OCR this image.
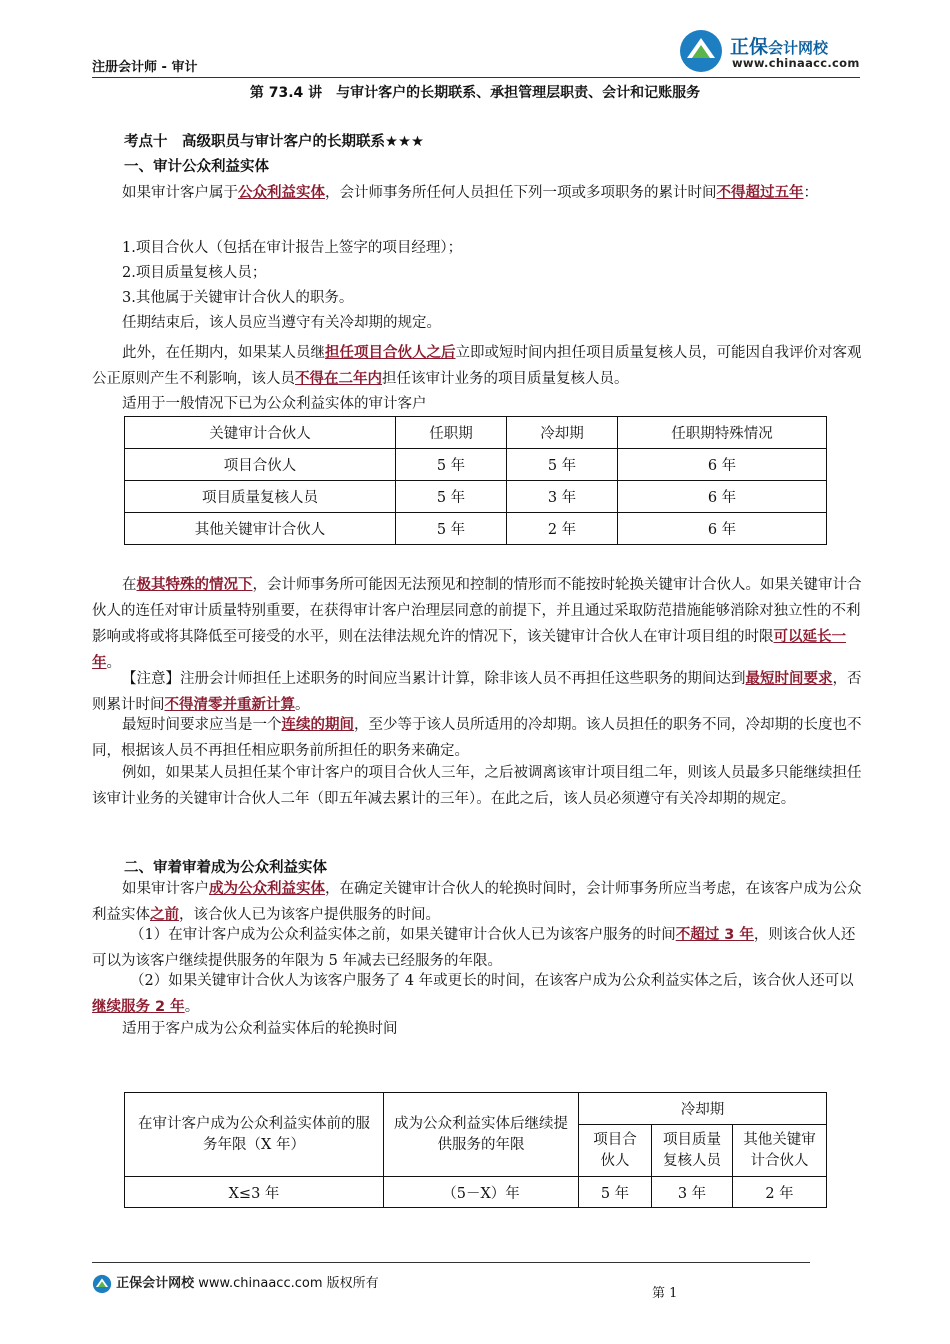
注册会计师 - 审计
正保会计网校
www.chinaacc.com
第 73.4 讲　与审计客户的长期联系、承担管理层职责、会计和记账服务
考点十　高级职员与审计客户的长期联系★★★
一、审计公众利益实体
如果审计客户属于公众利益实体，会计师事务所任何人员担任下列一项或多项职务的累计时间不得超过五年：
1.项目合伙人（包括在审计报告上签字的项目经理）；
2.项目质量复核人员；
3.其他属于关键审计合伙人的职务。
任期结束后，该人员应当遵守有关冷却期的规定。
此外，在任期内，如果某人员继担任项目合伙人之后立即或短时间内担任项目质量复核人员，可能因自我评价对客观公正原则产生不利影响，该人员不得在二年内担任该审计业务的项目质量复核人员。
适用于一般情况下已为公众利益实体的审计客户
关键审计合伙人	任职期	冷却期	任职期特殊情况
项目合伙人	5 年	5 年	6 年
项目质量复核人员	5 年	3 年	6 年
其他关键审计合伙人	5 年	2 年	6 年
在极其特殊的情况下，会计师事务所可能因无法预见和控制的情形而不能按时轮换关键审计合伙人。如果关键审计合伙人的连任对审计质量特别重要，在获得审计客户治理层同意的前提下，并且通过采取防范措施能够消除对独立性的不利影响或将或将其降低至可接受的水平，则在法律法规允许的情况下，该关键审计合伙人在审计项目组的时限可以延长一年。
【注意】注册会计师担任上述职务的时间应当累计计算，除非该人员不再担任这些职务的期间达到最短时间要求，否则累计时间不得清零并重新计算。
最短时间要求应当是一个连续的期间，至少等于该人员所适用的冷却期。该人员担任的职务不同，冷却期的长度也不同，根据该人员不再担任相应职务前所担任的职务来确定。
例如，如果某人员担任某个审计客户的项目合伙人三年，之后被调离该审计项目组二年，则该人员最多只能继续担任该审计业务的关键审计合伙人二年（即五年减去累计的三年）。在此之后，该人员必须遵守有关冷却期的规定。
二、审着审着成为公众利益实体
如果审计客户成为公众利益实体，在确定关键审计合伙人的轮换时间时，会计师事务所应当考虑，在该客户成为公众利益实体之前，该合伙人已为该客户提供服务的时间。
（1）在审计客户成为公众利益实体之前，如果关键审计合伙人已为该客户服务的时间不超过 3 年，则该合伙人还可以为该客户继续提供服务的年限为 5 年减去已经服务的年限。
（2）如果关键审计合伙人为该客户服务了 4 年或更长的时间，在该客户成为公众利益实体之后，该合伙人还可以继续服务 2 年。
适用于客户成为公众利益实体后的轮换时间
在审计客户成为公众利益实体前的服务年限（X 年）	成为公众利益实体后继续提供服务的年限	冷却期		
		项目合伙人	项目质量复核人员	其他关键审计合伙人
X≤3 年	（5－X）年	5 年	3 年	2 年
正保会计网校 www.chinaacc.com 版权所有
第 1
